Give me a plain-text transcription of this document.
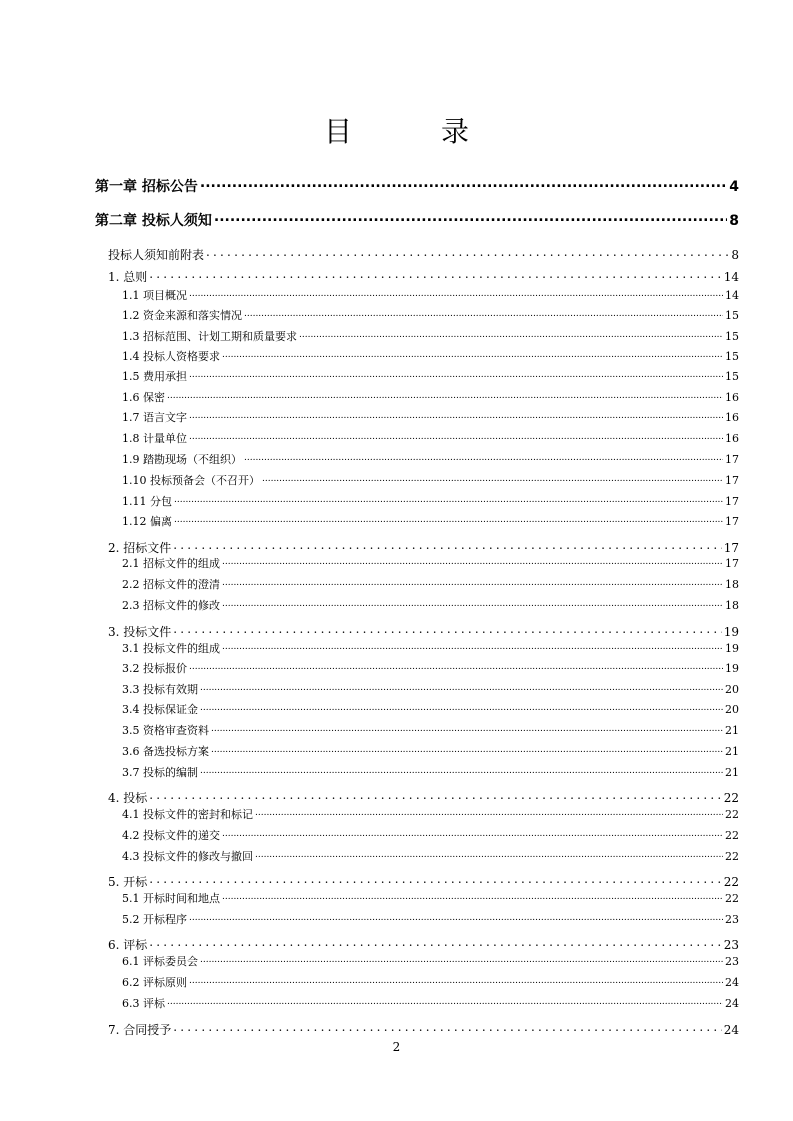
目 录
第一章 招标公告 .....	4
第二章 投标人须知 .....	8
投标人须知前附表 .....	8
1. 总则 .....	14
1.1 项目概况 .....	14
1.2 资金来源和落实情况 .....	15
1.3 招标范围、计划工期和质量要求 .....	15
1.4 投标人资格要求 .....	15
1.5 费用承担 .....	15
1.6 保密 .....	16
1.7 语言文字 .....	16
1.8 计量单位 .....	16
1.9 踏勘现场（不组织） .....	17
1.10 投标预备会（不召开） .....	17
1.11 分包 .....	17
1.12 偏离 .....	17
2. 招标文件 .....	17
2.1 招标文件的组成 .....	17
2.2 招标文件的澄清 .....	18
2.3 招标文件的修改 .....	18
3. 投标文件 .....	19
3.1 投标文件的组成 .....	19
3.2 投标报价 .....	19
3.3 投标有效期 .....	20
3.4 投标保证金 .....	20
3.5 资格审查资料 .....	21
3.6 备选投标方案 .....	21
3.7 投标的编制 .....	21
4. 投标 .....	22
4.1 投标文件的密封和标记 .....	22
4.2 投标文件的递交 .....	22
4.3 投标文件的修改与撤回 .....	22
5. 开标 .....	22
5.1 开标时间和地点 .....	22
5.2 开标程序 .....	23
6. 评标 .....	23
6.1 评标委员会 .....	23
6.2 评标原则 .....	24
6.3 评标 .....	24
7. 合同授予 .....	24
2
